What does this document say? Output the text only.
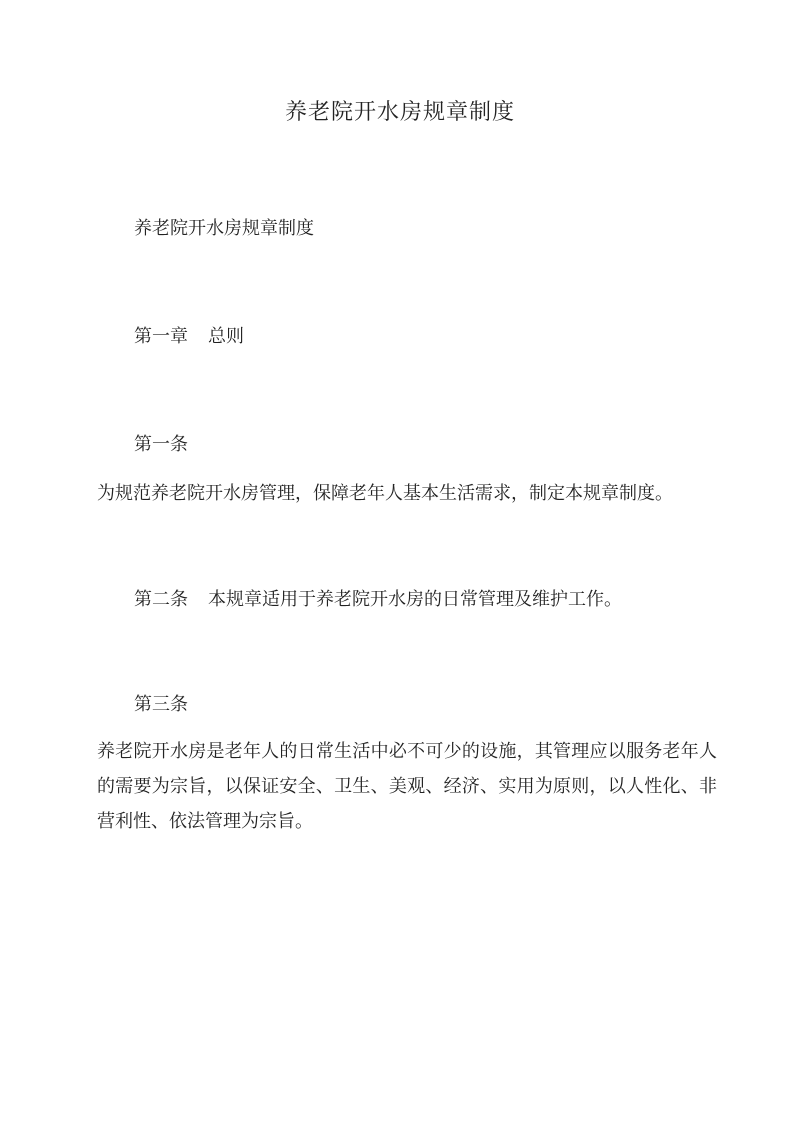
养老院开水房规章制度
养老院开水房规章制度
第一章 总则
第一条
为规范养老院开水房管理，保障老年人基本生活需求，制定本规章制度。
第二条 本规章适用于养老院开水房的日常管理及维护工作。
第三条
养老院开水房是老年人的日常生活中必不可少的设施，其管理应以服务老年人的需要为宗旨，以保证安全、卫生、美观、经济、实用为原则，以人性化、非营利性、依法管理为宗旨。
